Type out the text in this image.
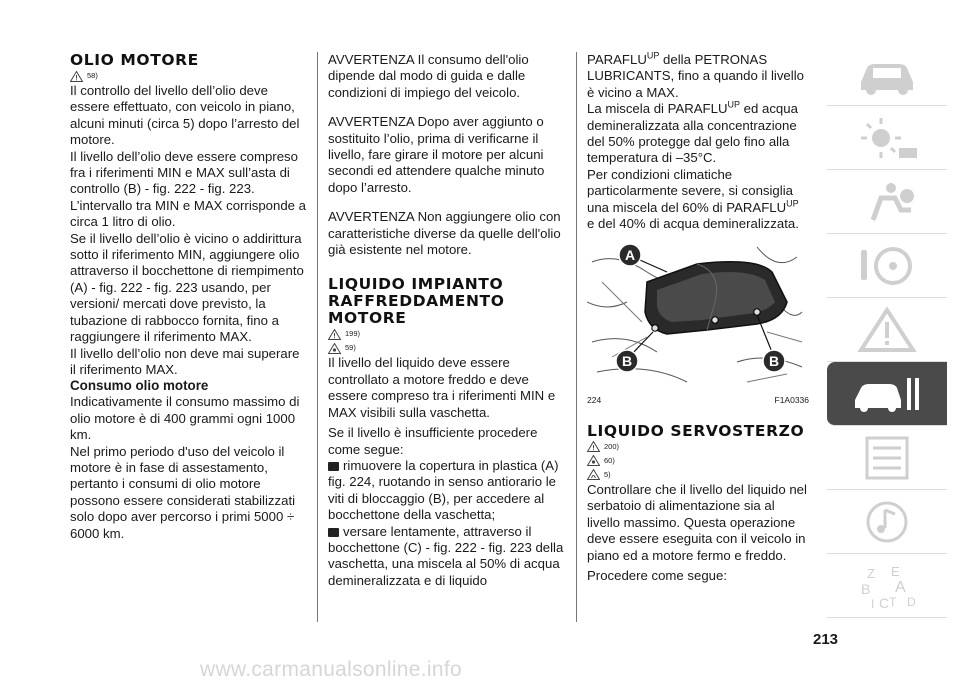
OLIO MOTORE
58)

Il controllo del livello dell’olio deve essere effettuato, con veicolo in piano, alcuni minuti (circa 5) dopo l’arresto del motore.

Il livello dell’olio deve essere compreso fra i riferimenti MIN e MAX sull’asta di controllo (B) - fig. 222 - fig. 223.

L’intervallo tra MIN e MAX corrisponde a circa 1 litro di olio.

Se il livello dell’olio è vicino o addirittura sotto il riferimento MIN, aggiungere olio attraverso il bocchettone di riempimento (A) - fig. 222 - fig. 223 usando, per versioni/ mercati dove previsto, la tubazione di rabbocco fornita, fino a raggiungere il riferimento MAX.

Il livello dell’olio non deve mai superare il riferimento MAX.

Consumo olio motore

Indicativamente il consumo massimo di olio motore è di 400 grammi ogni 1000 km.

Nel primo periodo d'uso del veicolo il motore è in fase di assestamento, pertanto i consumi di olio motore possono essere considerati stabilizzati solo dopo aver percorso i primi 5000 ÷ 6000 km.

AVVERTENZA Il consumo dell'olio dipende dal modo di guida e dalle condizioni di impiego del veicolo.

AVVERTENZA Dopo aver aggiunto o sostituito l’olio, prima di verificarne il livello, fare girare il motore per alcuni secondi ed attendere qualche minuto dopo l’arresto.

AVVERTENZA Non aggiungere olio con caratteristiche diverse da quelle dell'olio già esistente nel motore.

LIQUIDO IMPIANTO RAFFREDDAMENTO MOTORE
199)
59)

Il livello del liquido deve essere controllato a motore freddo e deve essere compreso tra i riferimenti MIN e MAX visibili sulla vaschetta.

Se il livello è insufficiente procedere come segue:

rimuovere la copertura in plastica (A) fig. 224, ruotando in senso antiorario le viti di bloccaggio (B), per accedere al bocchettone della vaschetta;

versare lentamente, attraverso il bocchettone (C) - fig. 222 - fig. 223 della vaschetta, una miscela al 50% di acqua demineralizzata e di liquido

$PARAFLU^{UP}$ della PETRONAS LUBRICANTS, fino a quando il livello è vicino a MAX.

La miscela di $PARAFLU^{UP}$ ed acqua demineralizzata alla concentrazione del 50% protegge dal gelo fino alla temperatura di –35°C.

Per condizioni climatiche particolarmente severe, si consiglia una miscela del 60% di $PARAFLU^{UP}$ e del 40% di acqua demineralizzata.

A
B	B
224	F1A0336
LIQUIDO SERVOSTERZO
200)
60)
5)

Controllare che il livello del liquido nel serbatoio di alimentazione sia al livello massimo. Questa operazione deve essere eseguita con il veicolo in piano ed a motore fermo e freddo.

Procedere come segue:

213
Z E
A
B
C T D
I
www.carmanualsonline.info
